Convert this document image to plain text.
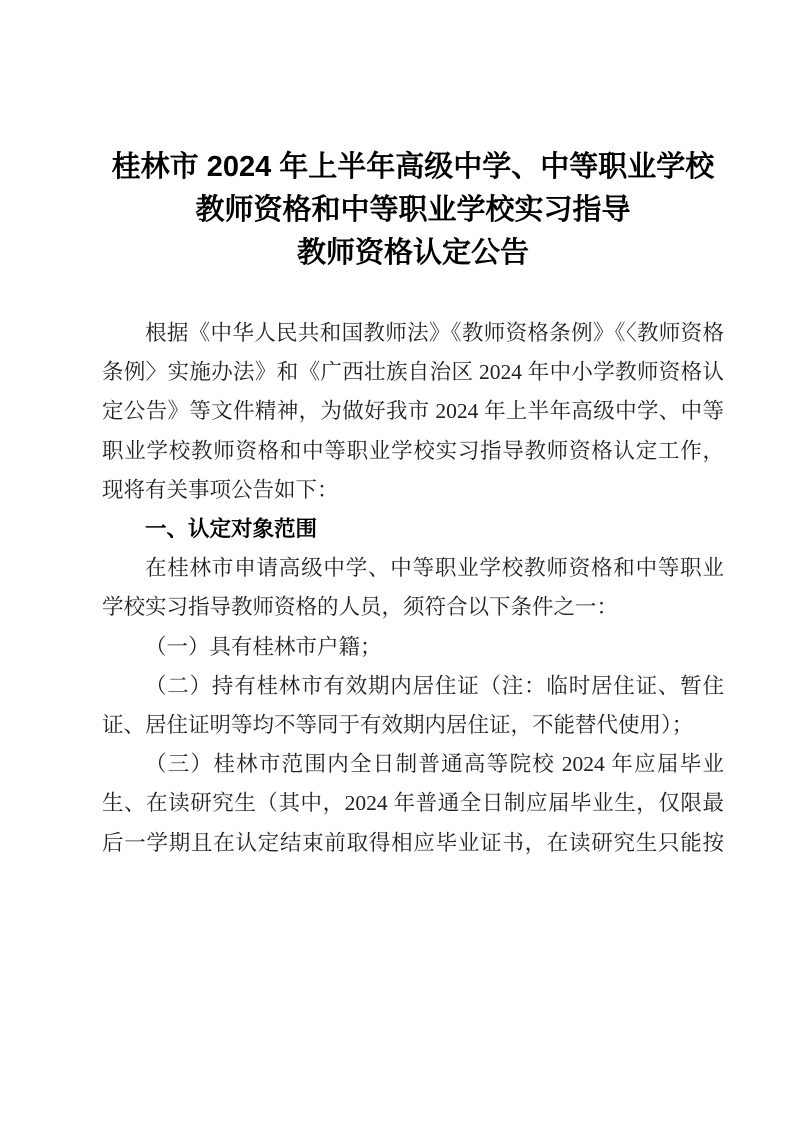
桂林市 2024 年上半年高级中学、中等职业学校
教师资格和中等职业学校实习指导
教师资格认定公告
根据《中华人民共和国教师法》《教师资格条例》《〈教师资格
条例〉实施办法》和《广西壮族自治区 2024 年中小学教师资格认
定公告》等文件精神，为做好我市 2024 年上半年高级中学、中等
职业学校教师资格和中等职业学校实习指导教师资格认定工作，
现将有关事项公告如下：
一、认定对象范围
在桂林市申请高级中学、中等职业学校教师资格和中等职业
学校实习指导教师资格的人员，须符合以下条件之一：
（一）具有桂林市户籍；
（二）持有桂林市有效期内居住证（注：临时居住证、暂住
证、居住证明等均不等同于有效期内居住证，不能替代使用）；
（三）桂林市范围内全日制普通高等院校 2024 年应届毕业
生、在读研究生（其中，2024 年普通全日制应届毕业生，仅限最
后一学期且在认定结束前取得相应毕业证书，在读研究生只能按
